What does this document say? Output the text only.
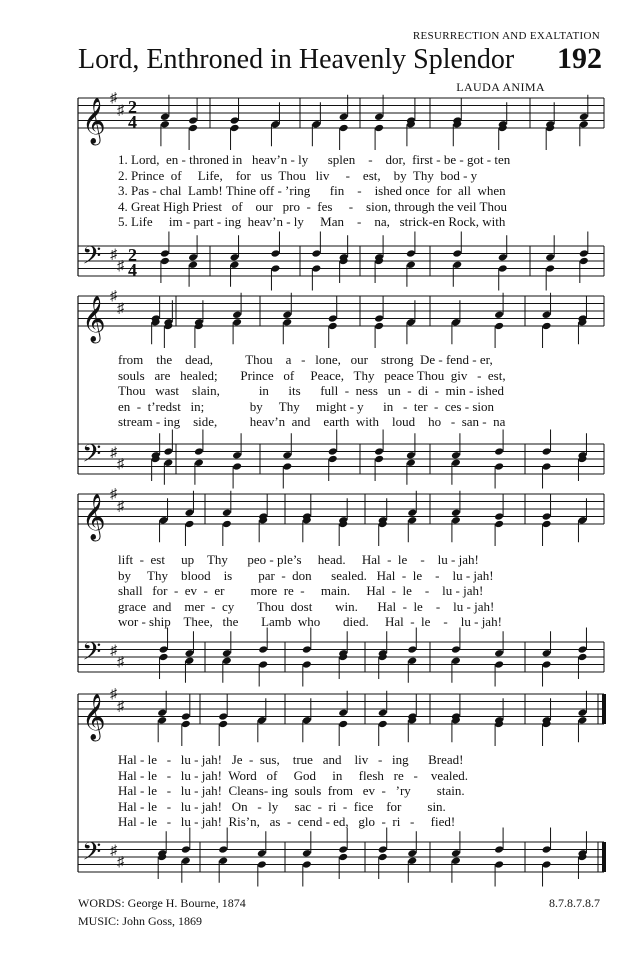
RESURRECTION AND EXALTATION
Lord, Enthroned in Heavenly Splendor 192
LAUDA ANIMA
𝄞 ♯
♯ 2
4
𝄢 ♯
♯
2
4
𝄞 ♯
♯
𝄢 ♯
♯
𝄞 ♯
♯
𝄢 ♯
♯
𝄞 ♯
♯
𝄢 ♯
♯
1. Lord,  en - throned in   heav’n - ly      splen    -    dor,  first - be - got - ten
2. Prince  of     Life,    for   us  Thou   liv     -    est,    by  Thy  bod - y
3. Pas - chal  Lamb! Thine off - ’ring      fin    -    ished once  for  all  when
4. Great High Priest   of    our   pro  -  fes     -    sion, through the veil Thou
5. Life     im - part - ing  heav’n - ly     Man    -    na,   strick-en Rock, with
from    the    dead,          Thou    a   -   lone,   our    strong  De - fend - er,
souls   are   healed;       Prince   of     Peace,   Thy   peace Thou  giv   -  est,
Thou   wast    slain,            in      its      full  -  ness   un  -  di  -  min - ished
en  -  t’redst   in;              by     Thy     might - y      in   -  ter  -  ces - sion
stream - ing    side,          heav’n  and    earth  with    loud    ho   -  san -  na
lift  -  est     up    Thy      peo - ple’s     head.     Hal  -  le    -    lu - jah!
by     Thy    blood    is        par  -  don      sealed.   Hal  -  le    -    lu - jah!
shall   for  -  ev  -  er        more  re  -     main.     Hal  -  le    -    lu - jah!
grace  and    mer  -  cy       Thou  dost       win.      Hal  -  le    -    lu - jah!
wor - ship    Thee,   the       Lamb  who       died.     Hal  -  le    -    lu - jah!
Hal - le   -   lu - jah!   Je  -  sus,    true   and    liv   -   ing      Bread!
Hal - le   -   lu - jah!  Word   of     God     in     flesh   re   -    vealed.
Hal - le   -   lu - jah!  Cleans- ing  souls  from   ev  -   ’ry        stain.
Hal - le   -   lu - jah!   On   -  ly     sac  -  ri  -  fice    for        sin.
Hal - le   -   lu - jah!  Ris’n,   as  -  cend - ed,   glo  -  ri   -     fied!
WORDS: George H. Bourne, 1874
MUSIC: John Goss, 1869
8.7.8.7.8.7
